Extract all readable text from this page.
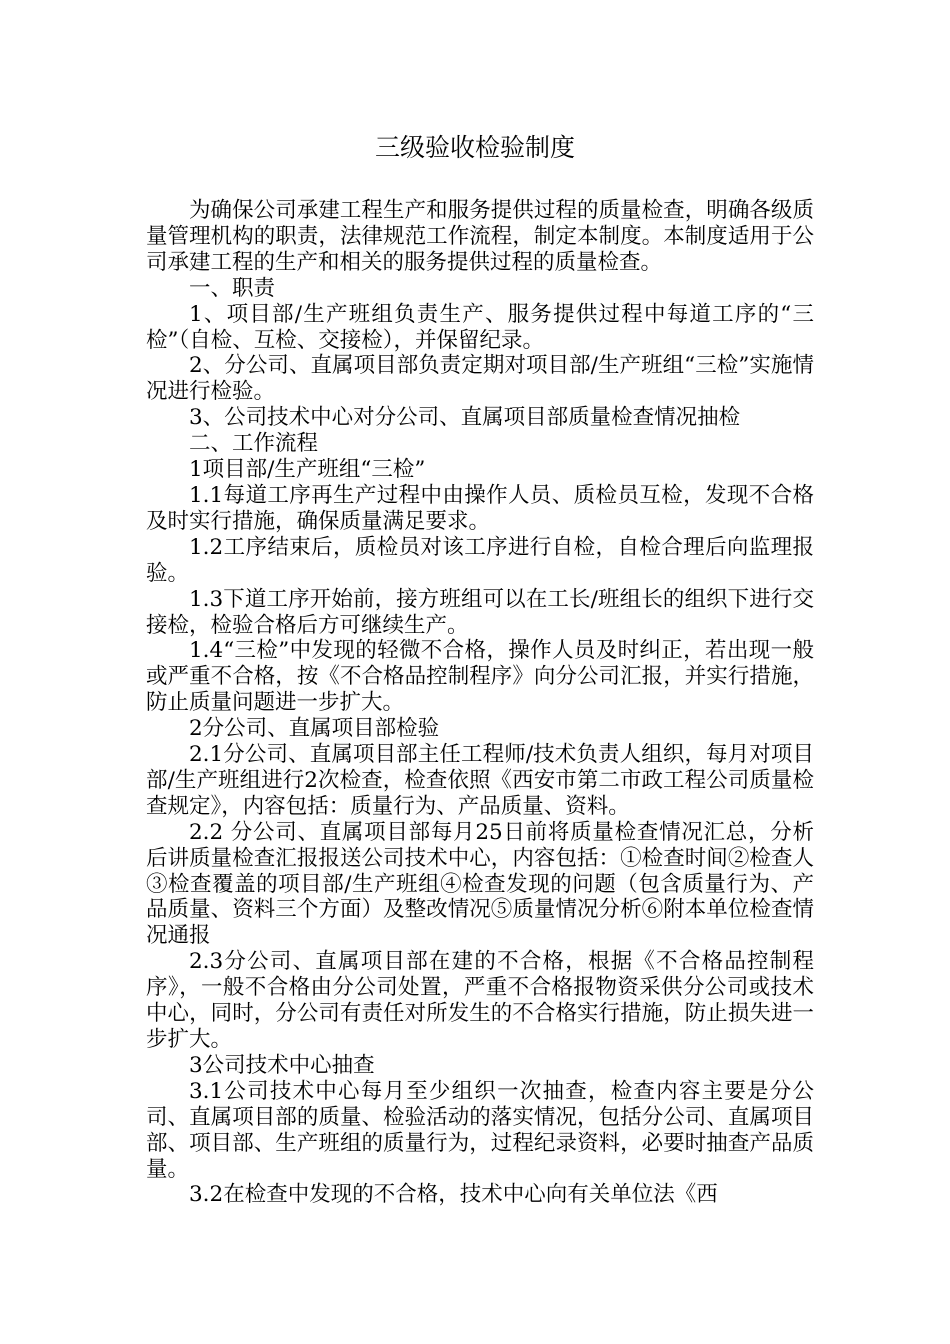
三级验收检验制度

为确保公司承建工程生产和服务提供过程的质量检查，明确各级质量管理机构的职责，法律规范工作流程，制定本制度。本制度适用于公司承建工程的生产和相关的服务提供过程的质量检查。

一、职责

1、项目部/生产班组负责生产、服务提供过程中每道工序的“三检”（自检、互检、交接检），并保留纪录。

2、分公司、直属项目部负责定期对项目部/生产班组“三检”实施情况进行检验。

3、公司技术中心对分公司、直属项目部质量检查情况抽检

二、工作流程

1项目部/生产班组“三检”

1.1每道工序再生产过程中由操作人员、质检员互检，发现不合格及时实行措施，确保质量满足要求。

1.2工序结束后，质检员对该工序进行自检，自检合理后向监理报验。

1.3下道工序开始前，接方班组可以在工长/班组长的组织下进行交接检，检验合格后方可继续生产。

1.4“三检”中发现的轻微不合格，操作人员及时纠正，若出现一般或严重不合格，按《不合格品控制程序》向分公司汇报，并实行措施，防止质量问题进一步扩大。

2分公司、直属项目部检验

2.1分公司、直属项目部主任工程师/技术负责人组织，每月对项目部/生产班组进行2次检查，检查依照《西安市第二市政工程公司质量检查规定》，内容包括：质量行为、产品质量、资料。

2.2 分公司、直属项目部每月25日前将质量检查情况汇总，分析后讲质量检查汇报报送公司技术中心，内容包括：①检查时间②检查人③检查覆盖的项目部/生产班组④检查发现的问题（包含质量行为、产品质量、资料三个方面）及整改情况⑤质量情况分析⑥附本单位检查情况通报

2.3分公司、直属项目部在建的不合格，根据《不合格品控制程序》，一般不合格由分公司处置，严重不合格报物资采供分公司或技术中心，同时，分公司有责任对所发生的不合格实行措施，防止损失进一步扩大。

3公司技术中心抽查

3.1公司技术中心每月至少组织一次抽查，检查内容主要是分公司、直属项目部的质量、检验活动的落实情况，包括分公司、直属项目部、项目部、生产班组的质量行为，过程纪录资料，必要时抽查产品质量。

3.2在检查中发现的不合格，技术中心向有关单位法《西
